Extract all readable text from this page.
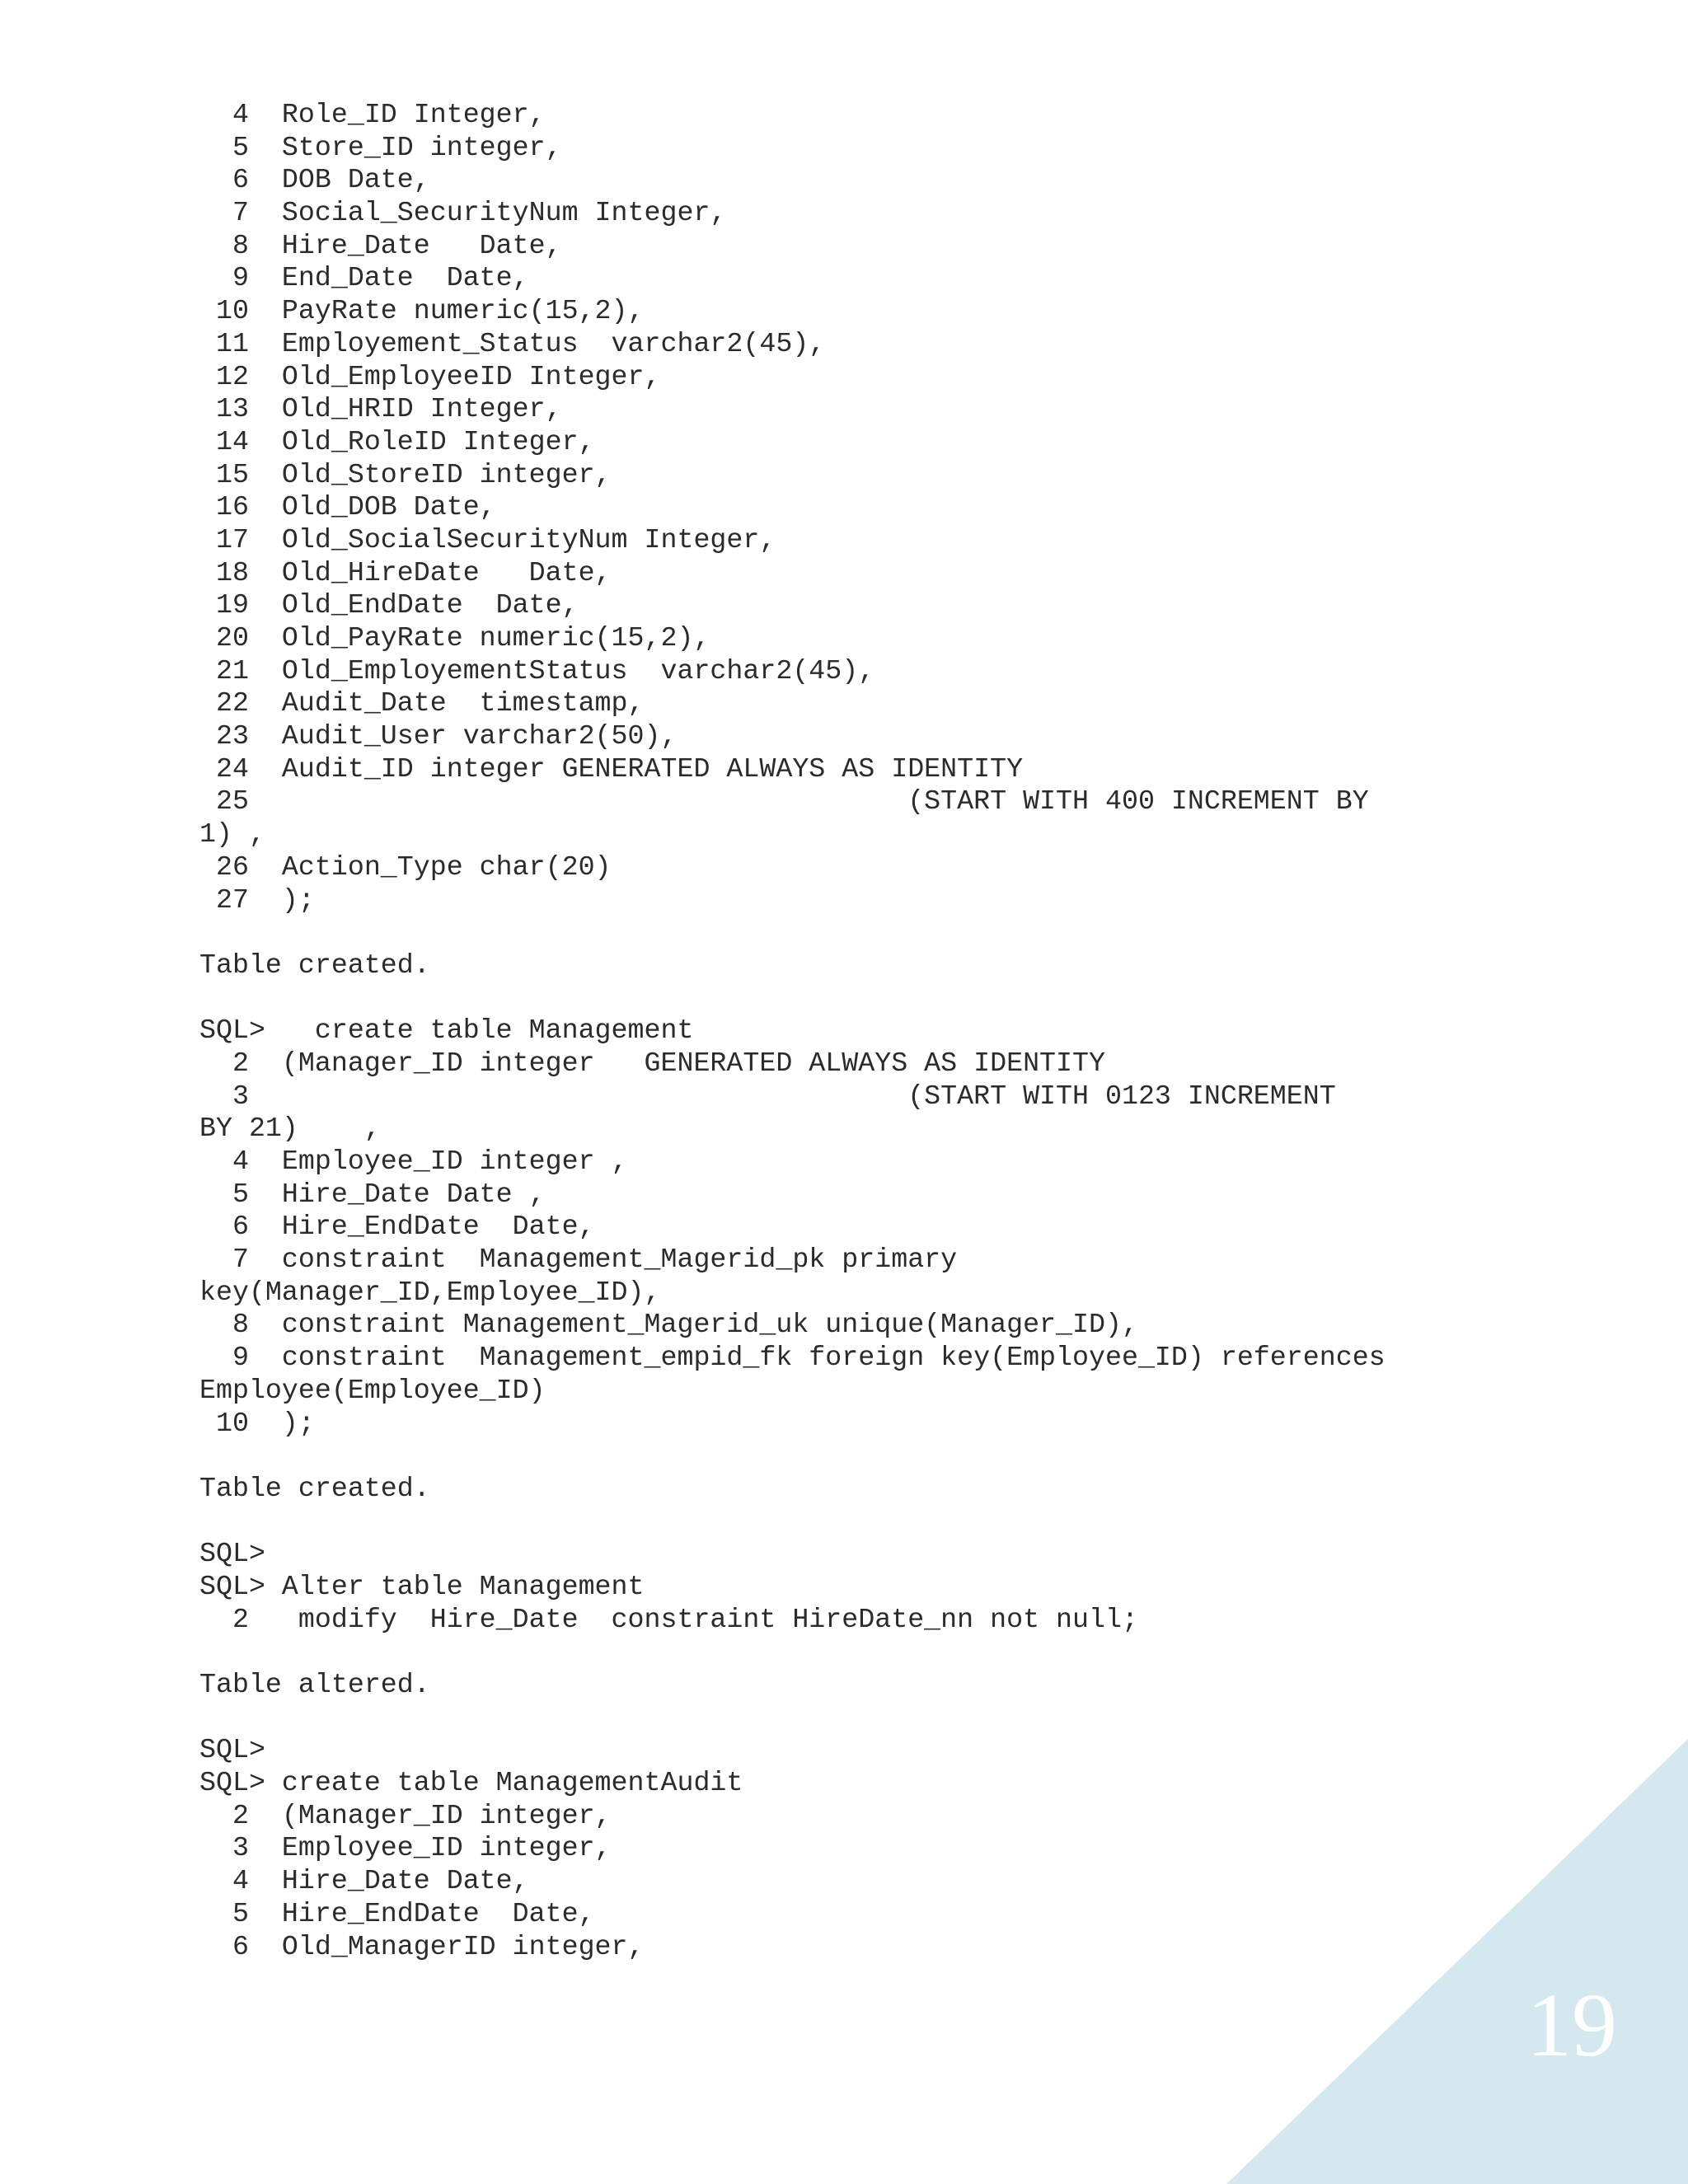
4  Role_ID Integer,
5  Store_ID integer,
6  DOB Date,
7  Social_SecurityNum Integer,
8  Hire_Date   Date,
9  End_Date  Date,
10  PayRate numeric(15,2),
11  Employement_Status  varchar2(45),
12  Old_EmployeeID Integer,
13  Old_HRID Integer,
14  Old_RoleID Integer,
15  Old_StoreID integer,
16  Old_DOB Date,
17  Old_SocialSecurityNum Integer,
18  Old_HireDate   Date,
19  Old_EndDate  Date,
20  Old_PayRate numeric(15,2),
21  Old_EmployementStatus  varchar2(45),
22  Audit_Date  timestamp,
23  Audit_User varchar2(50),
24  Audit_ID integer GENERATED ALWAYS AS IDENTITY
25                                        (START WITH 400 INCREMENT BY
1) ,
26  Action_Type char(20)
27  );
Table created.
SQL>   create table Management
2  (Manager_ID integer   GENERATED ALWAYS AS IDENTITY
3                                        (START WITH 0123 INCREMENT
BY 21)    ,
4  Employee_ID integer ,
5  Hire_Date Date ,
6  Hire_EndDate  Date,
7  constraint  Management_Magerid_pk primary
key(Manager_ID,Employee_ID),
8  constraint Management_Magerid_uk unique(Manager_ID),
9  constraint  Management_empid_fk foreign key(Employee_ID) references
Employee(Employee_ID)
10  );
Table created.
SQL>
SQL> Alter table Management
2   modify  Hire_Date  constraint HireDate_nn not null;
Table altered.
SQL>
SQL> create table ManagementAudit
2  (Manager_ID integer,
3  Employee_ID integer,
4  Hire_Date Date,
5  Hire_EndDate  Date,
6  Old_ManagerID integer,
19
